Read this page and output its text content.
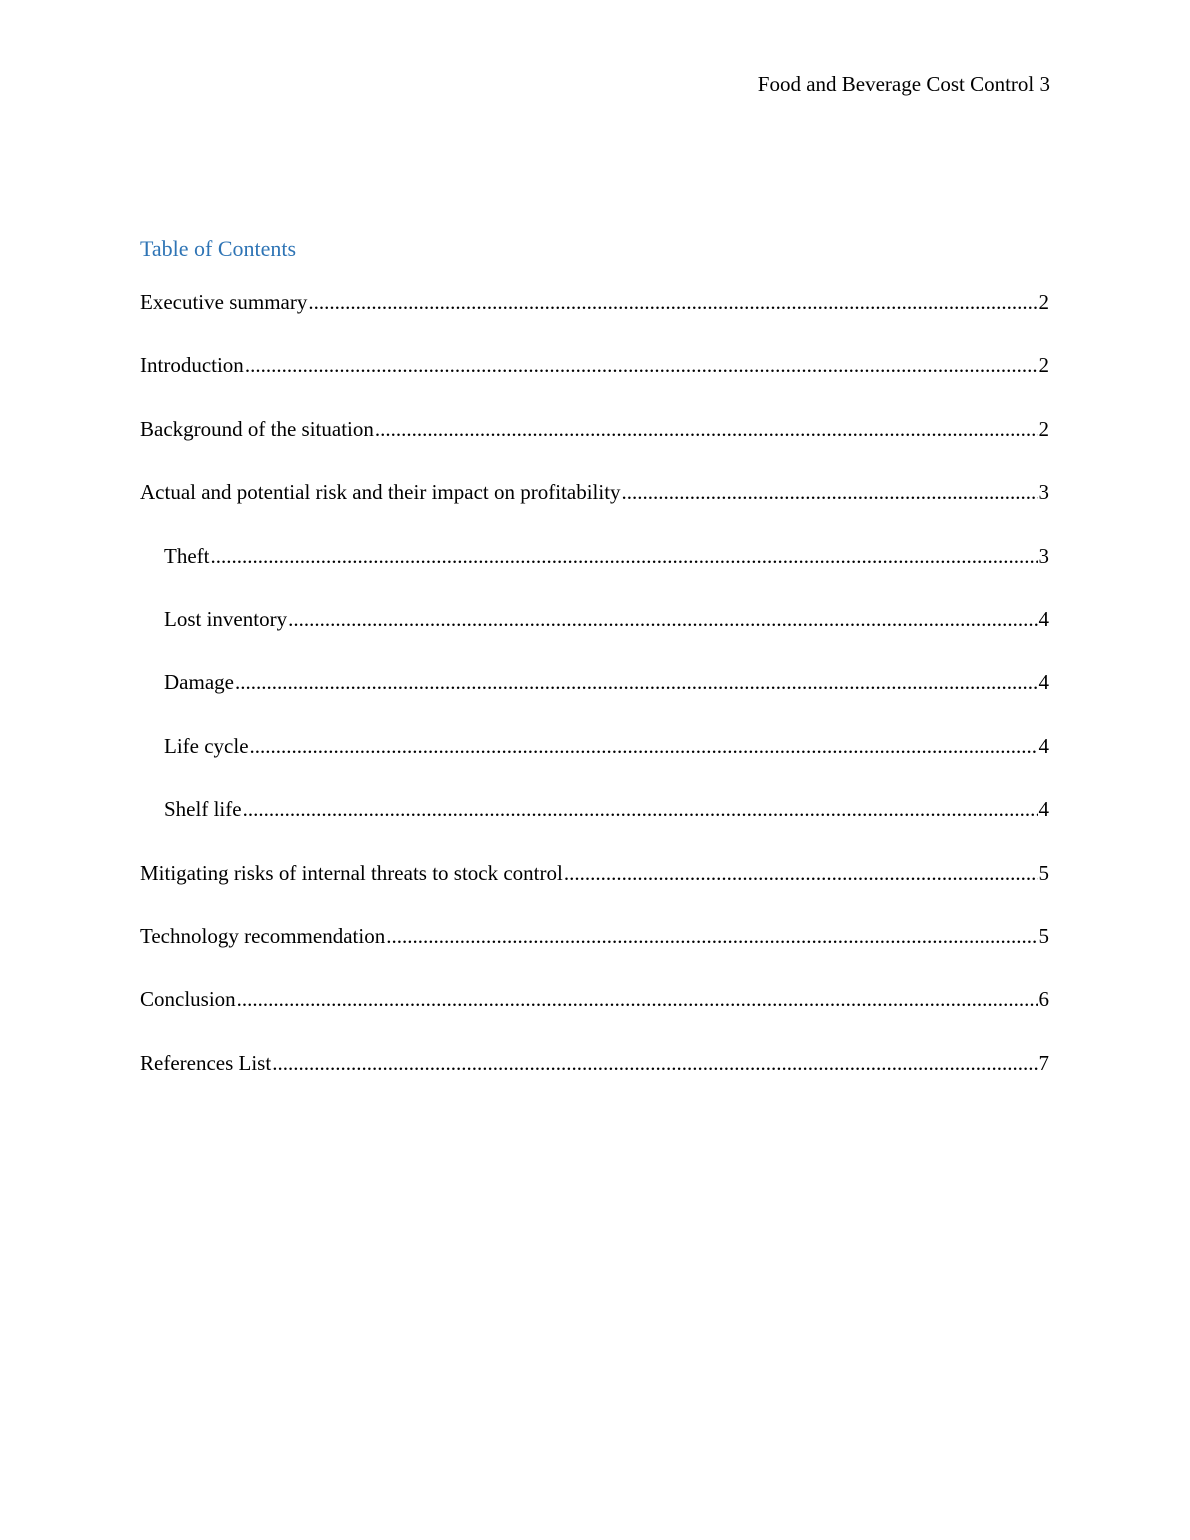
Food and Beverage Cost Control 3
Table of Contents
Executive summary .....	2
Introduction .....	2
Background of the situation .....	2
Actual and potential risk and their impact on profitability .....	3
Theft .....	3
Lost inventory .....	4
Damage .....	4
Life cycle .....	4
Shelf life .....	4
Mitigating risks of internal threats to stock control .....	5
Technology recommendation .....	5
Conclusion .....	6
References List .....	7
